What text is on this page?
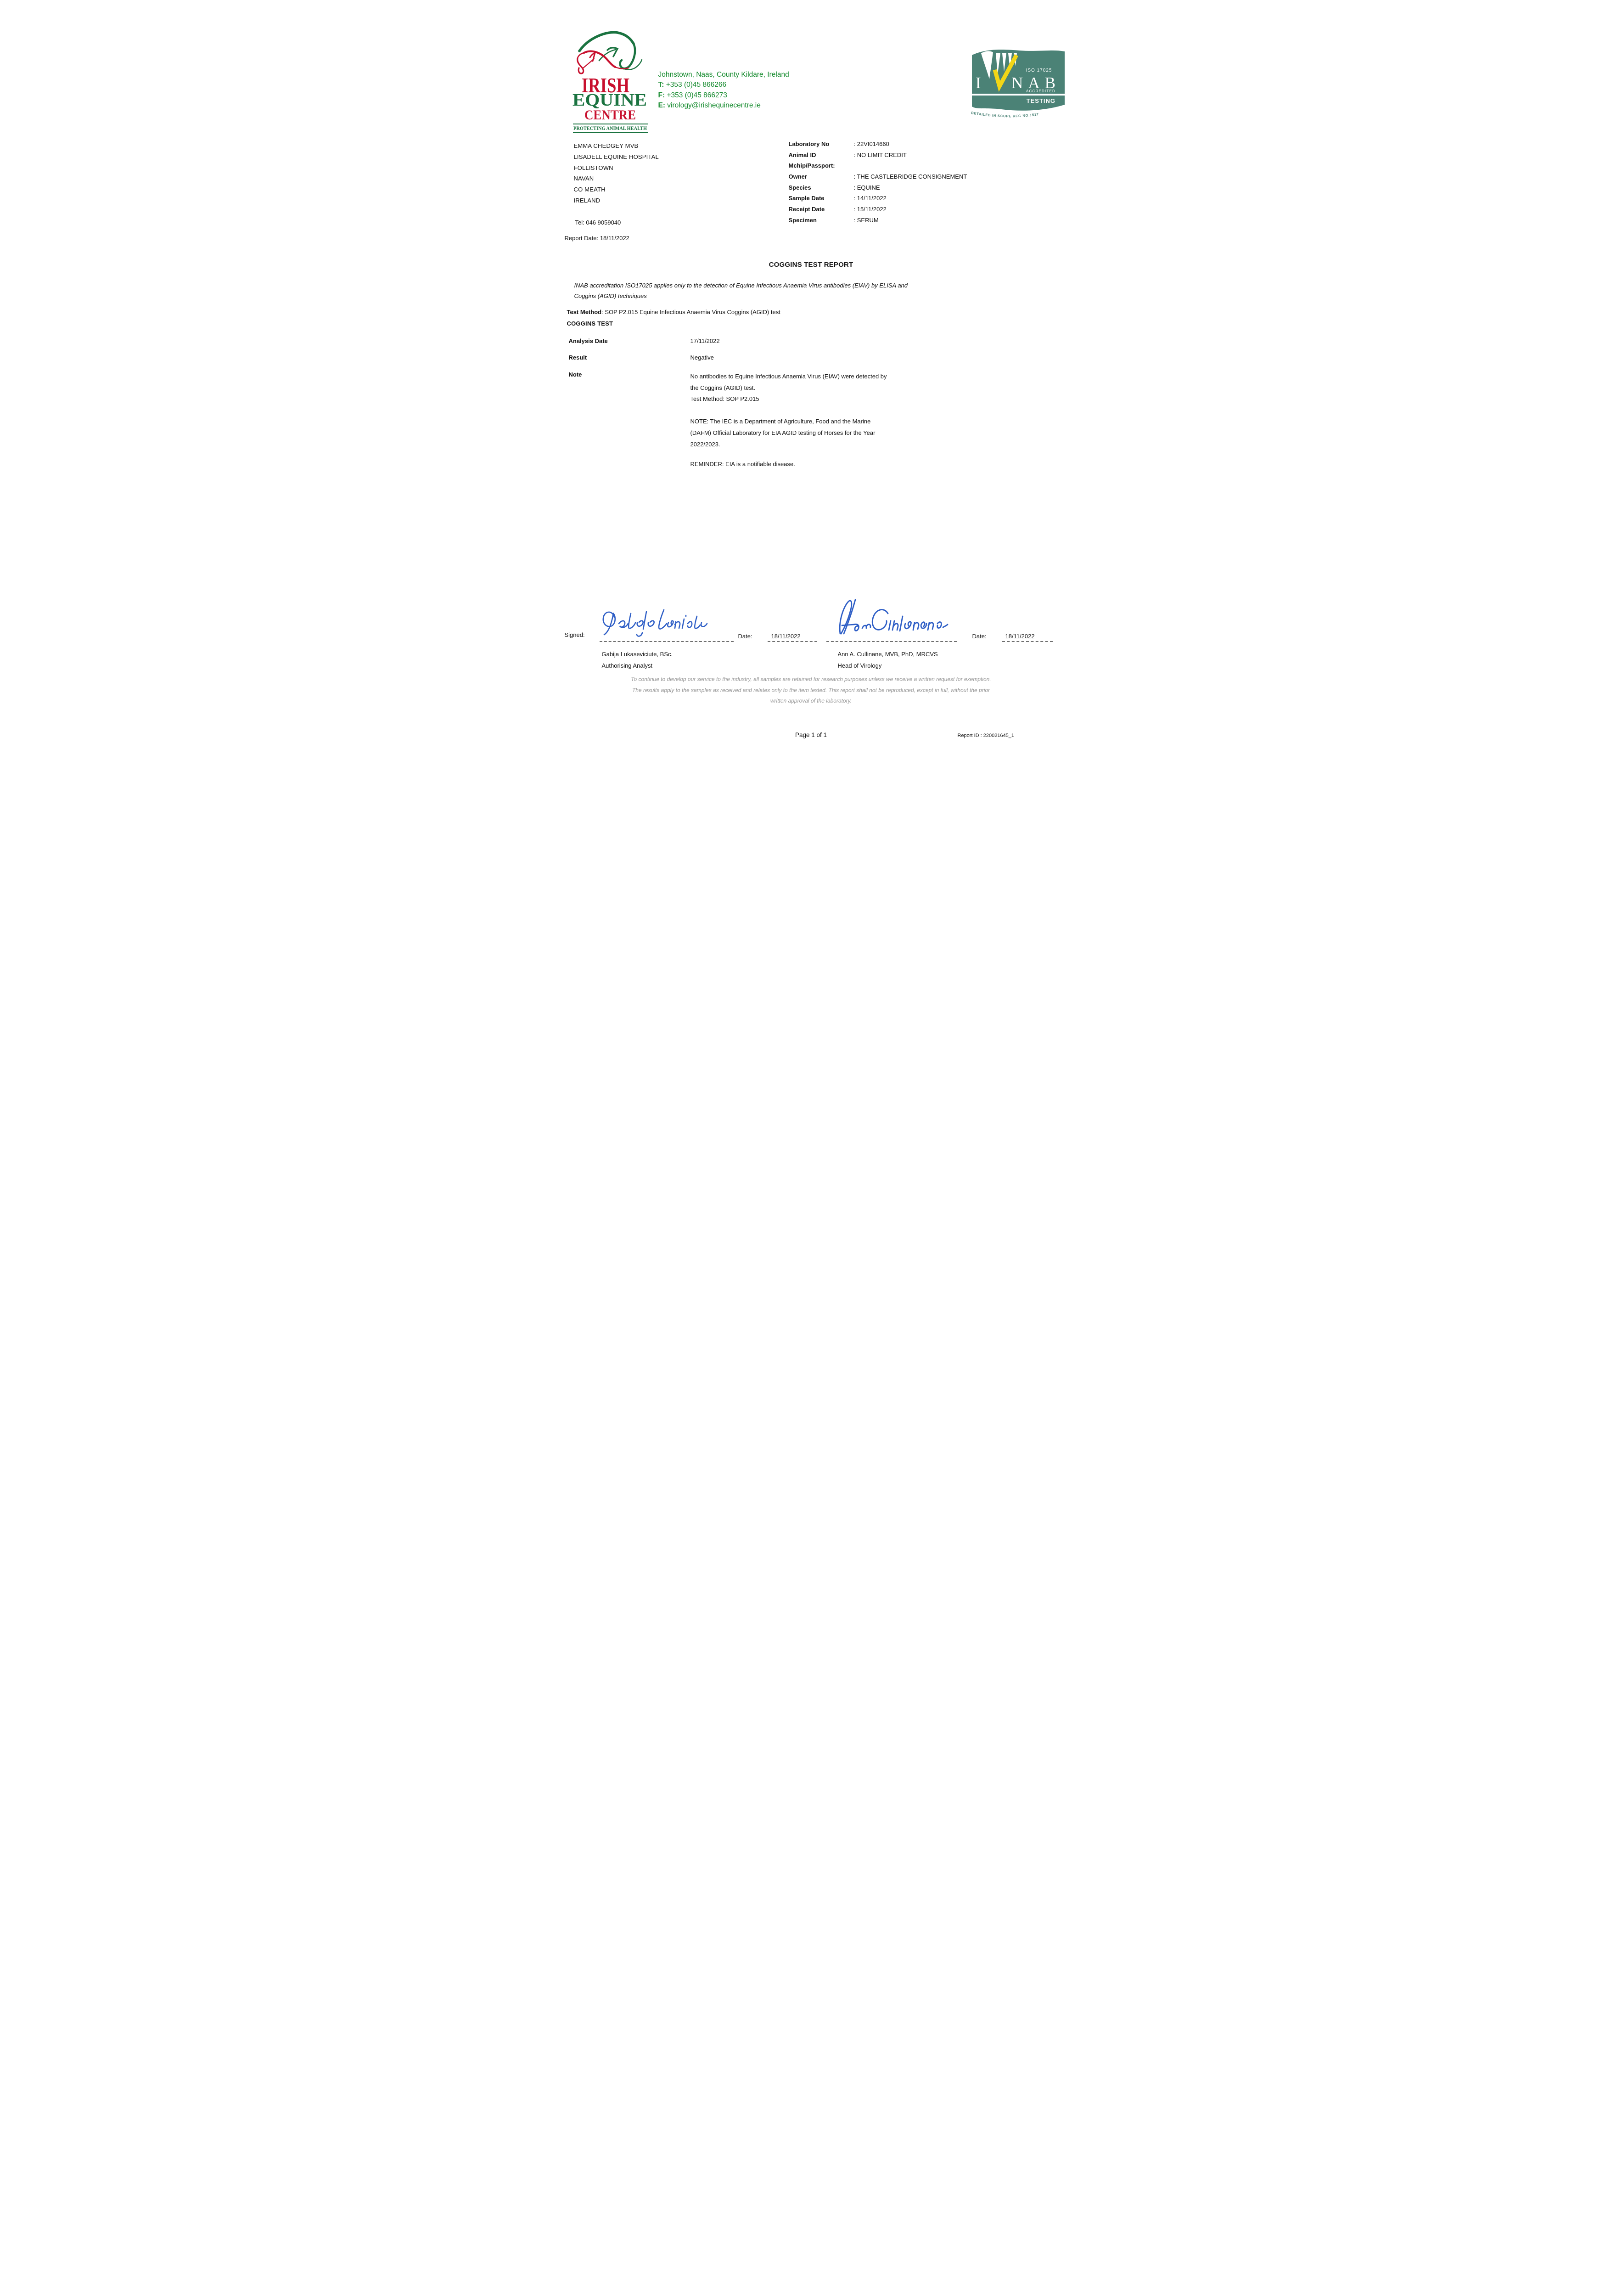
IRISH
EQUINE
CENTRE
PROTECTING ANIMAL HEALTH
Johnstown, Naas, County Kildare, Ireland
T: +353 (0)45 866266
F: +353 (0)45 866273
E: virology@irishequinecentre.ie
ISO 17025
I NAB
ACCREDITED
TESTING
DETAILED IN SCOPE REG NO.151T
EMMA CHEDGEY MVB
LISADELL EQUINE HOSPITAL
FOLLISTOWN
NAVAN
CO MEATH
IRELAND
Tel: 046 9059040
Report Date: 18/11/2022
Laboratory No	: 22VI014660
Animal ID	: NO LIMIT CREDIT
Mchip/Passport:
Owner	: THE CASTLEBRIDGE CONSIGNEMENT
Species	: EQUINE
Sample Date	: 14/11/2022
Receipt Date	: 15/11/2022
Specimen	: SERUM
COGGINS TEST REPORT
INAB accreditation ISO17025 applies only to the detection of Equine Infectious Anaemia Virus antibodies (EIAV) by ELISA and
Coggins (AGID) techniques
Test Method: SOP P2.015 Equine Infectious Anaemia Virus Coggins (AGID) test
COGGINS TEST
Analysis Date	17/11/2022
Result	Negative
Note	No antibodies to Equine Infectious Anaemia Virus (EIAV) were detected by
the Coggins (AGID) test.
Test Method: SOP P2.015
NOTE: The IEC is a Department of Agriculture, Food and the Marine
(DAFM) Official Laboratory for EIA AGID testing of Horses for the Year
2022/2023.
REMINDER: EIA is a notifiable disease.
Signed:	Date:	18/11/2022	Date:	18/11/2022
Gabija Lukaseviciute, BSc.
Authorising Analyst
Ann A. Cullinane, MVB, PhD, MRCVS
Head of Virology
To continue to develop our service to the industry, all samples are retained for research purposes unless we receive a written request for exemption.
The results apply to the samples as received and relates only to the item tested. This report shall not be reproduced, except in full, without the prior
written approval of the laboratory.
Page 1 of 1	Report ID : 220021645_1
